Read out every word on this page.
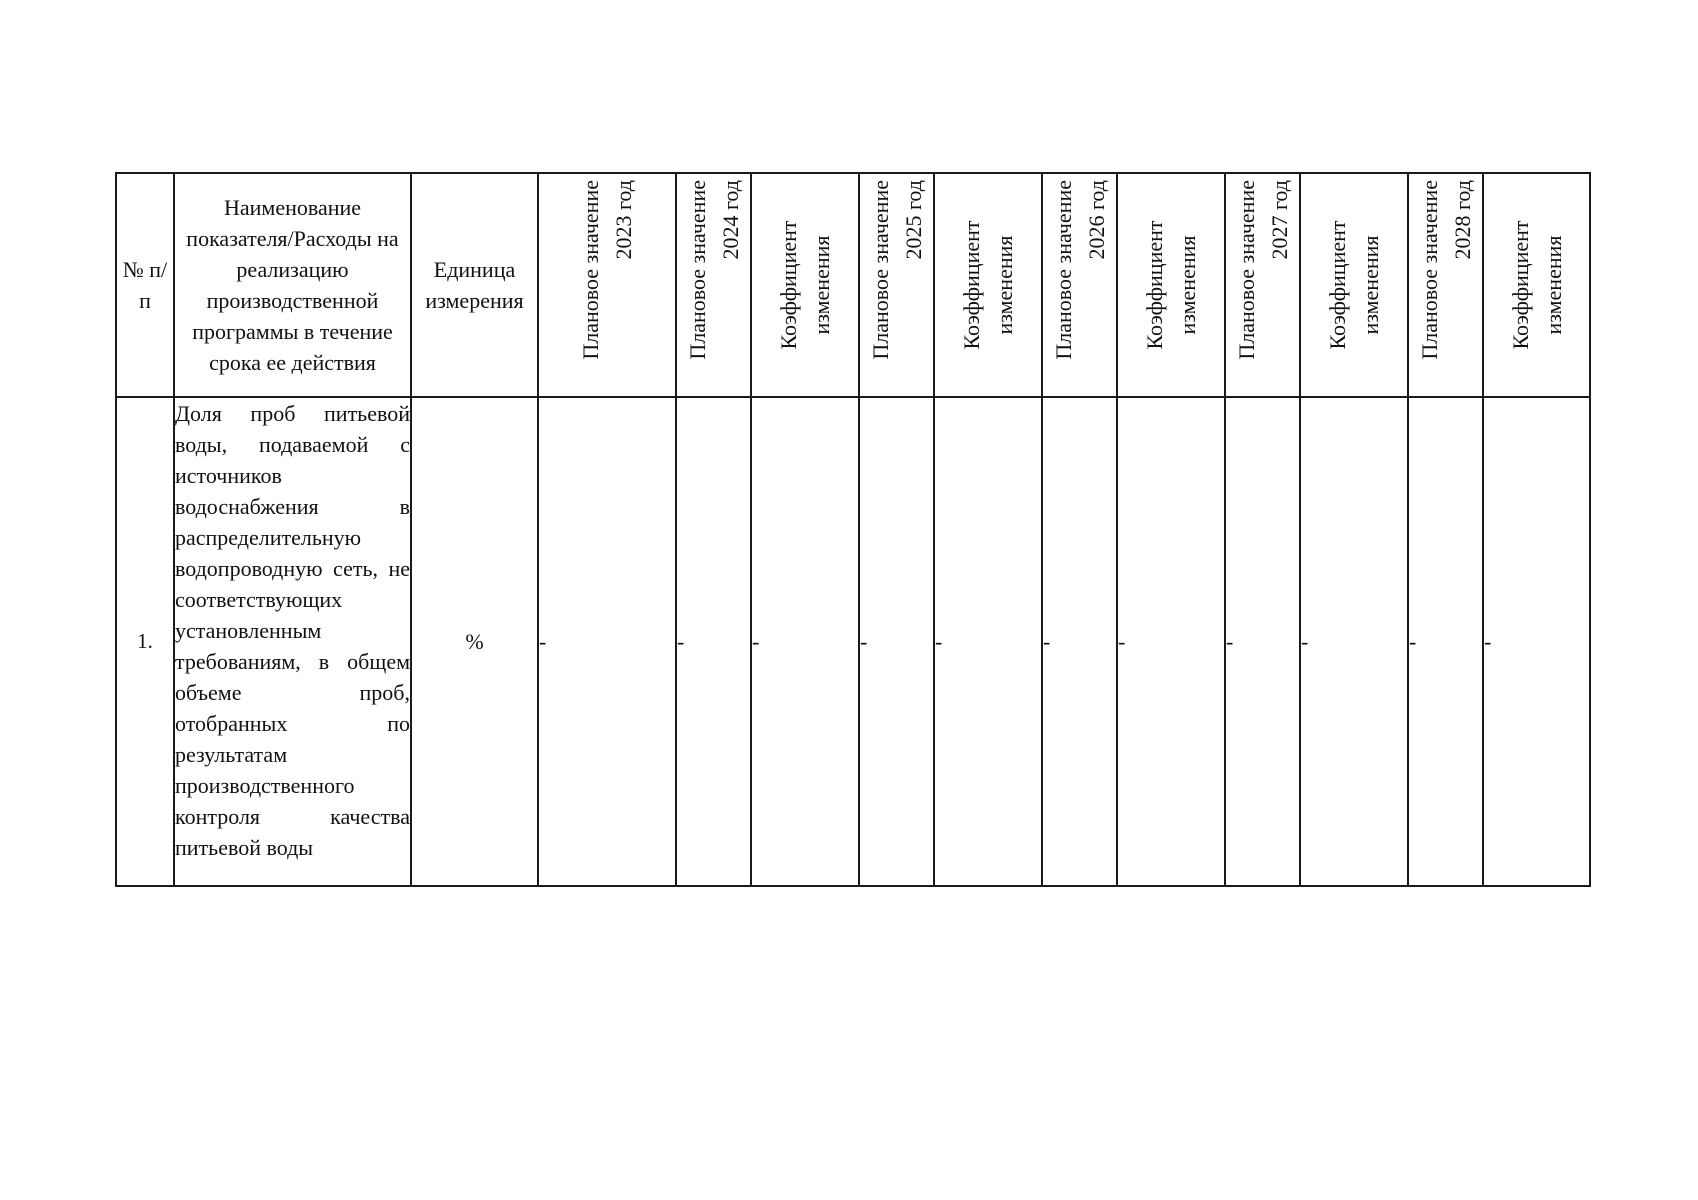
№ п/п	Наименование показателя/Расходы на реализацию производственной программы в течение срока ее действия	Единица измерения	Плановое значение 2023 год	Плановое значение 2024 год	Коэффициент изменения	Плановое значение 2025 год	Коэффициент изменения	Плановое значение 2026 год	Коэффициент изменения	Плановое значение 2027 год	Коэффициент изменения	Плановое значение 2028 год	Коэффициент изменения

1.	Доля проб питьевой воды, подаваемой с источников водоснабжения в распределительную водопроводную сеть, не соответствующих установленным требованиям, в общем объеме проб, отобранных по результатам производственного контроля качества питьевой воды	%	-	-	-	-	-	-	-	-	-	-	-
